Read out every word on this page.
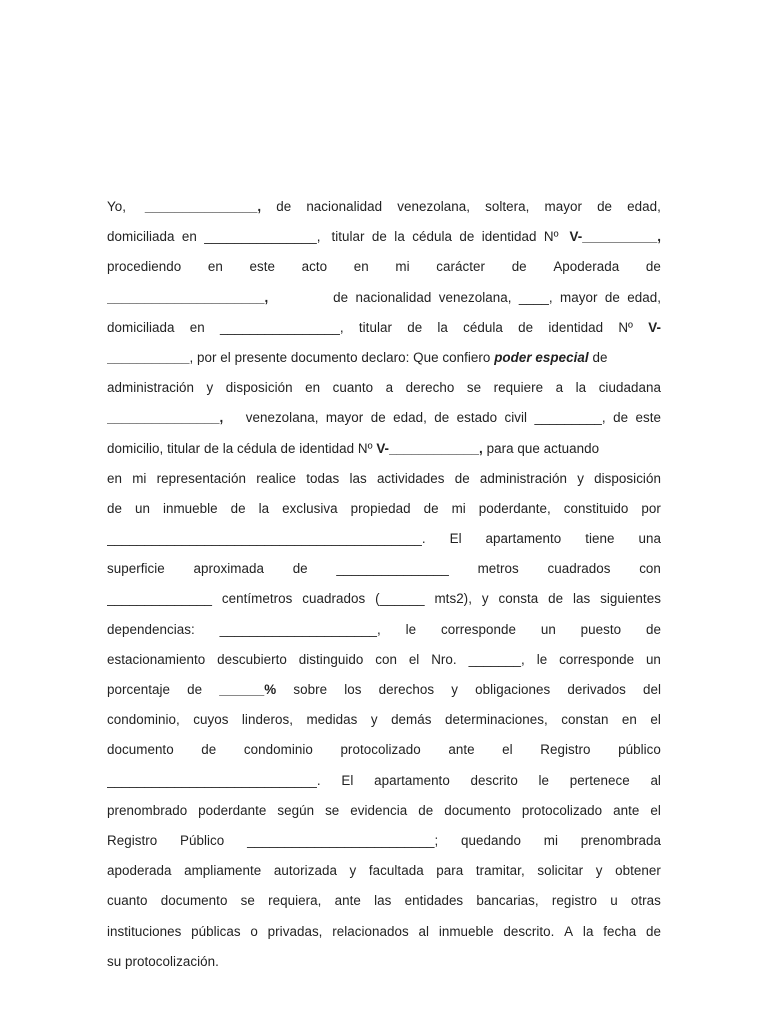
Yo, _______________, de nacionalidad venezolana, soltera, mayor de edad,
domiciliada en _______________, titular de la cédula de identidad Nº V-__________,
procediendo en este acto en mi carácter de Apoderada de
_____________________,	de nacionalidad venezolana, ____, mayor de edad,
domiciliada en ________________, titular de la cédula de identidad Nº V-
___________, por el presente documento declaro: Que confiero poder especial de
administración y disposición en cuanto a derecho se requiere a la ciudadana
_______________, venezolana, mayor de edad, de estado civil _________, de este
domicilio, titular de la cédula de identidad Nº V-____________, para que actuando
en mi representación realice todas las actividades de administración y disposición
de un inmueble de la exclusiva propiedad de mi poderdante, constituido por
__________________________________________. El apartamento tiene una
superficie aproximada de _______________ metros cuadrados con
______________ centímetros cuadrados (______ mts2), y consta de las siguientes
dependencias: _____________________, le corresponde un puesto de
estacionamiento descubierto distinguido con el Nro. _______, le corresponde un
porcentaje de ______% sobre los derechos y obligaciones derivados del
condominio, cuyos linderos, medidas y demás determinaciones, constan en el
documento de condominio protocolizado ante el Registro público
____________________________. El apartamento descrito le pertenece al
prenombrado poderdante según se evidencia de documento protocolizado ante el
Registro Público _________________________; quedando mi prenombrada
apoderada ampliamente autorizada y facultada para tramitar, solicitar y obtener
cuanto documento se requiera, ante las entidades bancarias, registro u otras
instituciones públicas o privadas, relacionados al inmueble descrito. A la fecha de
su protocolización.
